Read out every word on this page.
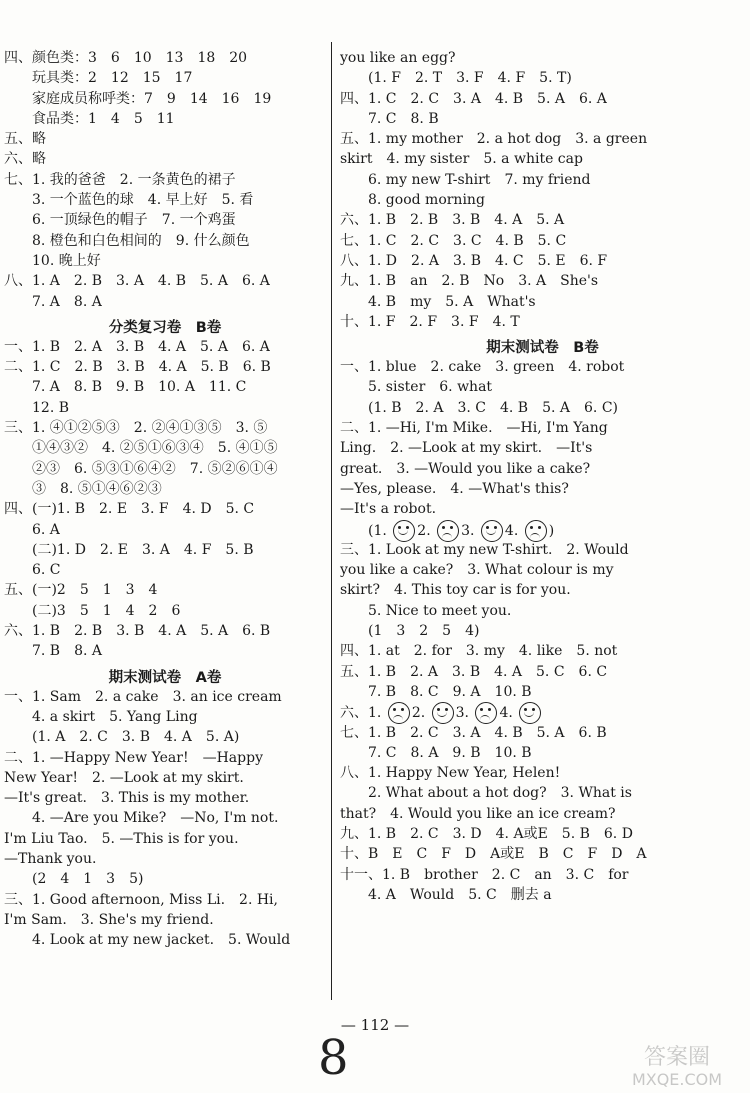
四、颜色类：3　6　10　13　18　20
　　玩具类：2　12　15　17
　　家庭成员称呼类：7　9　14　16　19
　　食品类：1　4　5　11
五、略
六、略
七、1. 我的爸爸　2. 一条黄色的裙子
　　3. 一个蓝色的球　4. 早上好　5. 看
　　6. 一顶绿色的帽子　7. 一个鸡蛋
　　8. 橙色和白色相间的　9. 什么颜色
　　10. 晚上好
八、1. A　2. B　3. A　4. B　5. A　6. A
　　7. A　8. A
分类复习卷　B卷
一、1. B　2. A　3. B　4. A　5. A　6. A
二、1. C　2. B　3. B　4. A　5. B　6. B
　　7. A　8. B　9. B　10. A　11. C
　　12. B
三、1. ④①②⑤③　2. ②④①③⑤　3. ⑤
　　①④③②　4. ②⑤①⑥③④　5. ④①⑤
　　②③　6. ⑤③①⑥④②　7. ⑤②⑥①④
　　③　8. ⑤①④⑥②③
四、(一)1. B　2. E　3. F　4. D　5. C
　　6. A
　　(二)1. D　2. E　3. A　4. F　5. B
　　6. C
五、(一)2　5　1　3　4
　　(二)3　5　1　4　2　6
六、1. B　2. B　3. B　4. A　5. A　6. B
　　7. B　8. A
期末测试卷　A卷
一、1. Sam　2. a cake　3. an ice cream
　　4. a skirt　5. Yang Ling
　　(1. A　2. C　3. B　4. A　5. A)
二、1. —Happy New Year!　—Happy
New Year!　2. —Look at my skirt.
—It's great.　3. This is my mother.
　　4. —Are you Mike?　—No, I'm not.
I'm Liu Tao.　5. —This is for you.
—Thank you.
　　(2　4　1　3　5)
三、1. Good afternoon, Miss Li.　2. Hi,
I'm Sam.　3. She's my friend.
　　4. Look at my new jacket.　5. Would
you like an egg?
　　(1. F　2. T　3. F　4. F　5. T)
四、1. C　2. C　3. A　4. B　5. A　6. A
　　7. C　8. B
五、1. my mother　2. a hot dog　3. a green
skirt　4. my sister　5. a white cap
　　6. my new T-shirt　7. my friend
　　8. good morning
六、1. B　2. B　3. B　4. A　5. A
七、1. C　2. C　3. C　4. B　5. C
八、1. D　2. A　3. B　4. C　5. E　6. F
九、1. B　an　2. B　No　3. A　She's
　　4. B　my　5. A　What's
十、1. F　2. F　3. F　4. T
期末测试卷　B卷
一、1. blue　2. cake　3. green　4. robot
　　5. sister　6. what
　　(1. B　2. A　3. C　4. B　5. A　6. C)
二、1. —Hi, I'm Mike.　—Hi, I'm Yang
Ling.　2. —Look at my skirt.　—It's
great.　3. —Would you like a cake?
—Yes, please.　4. —What's this?
—It's a robot.
　　(1. 2. 3. 4. )
三、1. Look at my new T-shirt.　2. Would
you like a cake?　3. What colour is my
skirt?　4. This toy car is for you.
　　5. Nice to meet you.
　　(1　3　2　5　4)
四、1. at　2. for　3. my　4. like　5. not
五、1. B　2. A　3. B　4. A　5. C　6. C
　　7. B　8. C　9. A　10. B
六、1. 2. 3. 4.
七、1. B　2. C　3. A　4. B　5. A　6. B
　　7. C　8. A　9. B　10. B
八、1. Happy New Year, Helen!
　　2. What about a hot dog?　3. What is
that?　4. Would you like an ice cream?
九、1. B　2. C　3. D　4. A或E　5. B　6. D
十、B　E　C　F　D　A或E　B　C　F　D　A
十一、1. B　brother　2. C　an　3. C　for
　　4. A　Would　5. C　删去 a
— 112 —
8	答案圈
MXQE.COM
